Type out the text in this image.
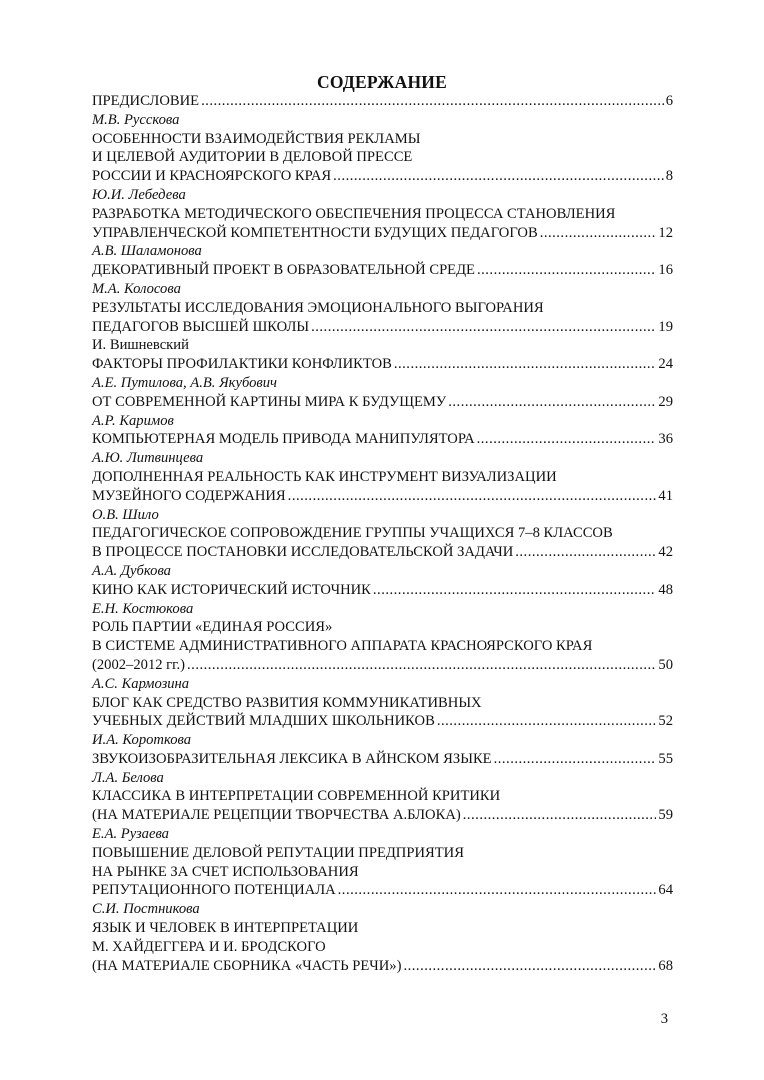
СОДЕРЖАНИЕ
ПРЕДИСЛОВИЕ .....	6
М.В. Русскова
ОСОБЕННОСТИ ВЗАИМОДЕЙСТВИЯ РЕКЛАМЫ
И ЦЕЛЕВОЙ АУДИТОРИИ В ДЕЛОВОЙ ПРЕССЕ
РОССИИ И КРАСНОЯРСКОГО КРАЯ .....	8
Ю.И. Лебедева
РАЗРАБОТКА МЕТОДИЧЕСКОГО ОБЕСПЕЧЕНИЯ ПРОЦЕССА СТАНОВЛЕНИЯ
УПРАВЛЕНЧЕСКОЙ КОМПЕТЕНТНОСТИ БУДУЩИХ ПЕДАГОГОВ .....	12
А.В. Шаламонова
ДЕКОРАТИВНЫЙ ПРОЕКТ В ОБРАЗОВАТЕЛЬНОЙ СРЕДЕ .....	16
М.А. Колосова
РЕЗУЛЬТАТЫ ИССЛЕДОВАНИЯ ЭМОЦИОНАЛЬНОГО ВЫГОРАНИЯ
ПЕДАГОГОВ ВЫСШЕЙ ШКОЛЫ .....	19
И. Вишневский
ФАКТОРЫ ПРОФИЛАКТИКИ КОНФЛИКТОВ .....	24
А.Е. Путилова, А.В. Якубович
ОТ СОВРЕМЕННОЙ КАРТИНЫ МИРА К БУДУЩЕМУ .....	29
А.Р. Каримов
КОМПЬЮТЕРНАЯ МОДЕЛЬ ПРИВОДА МАНИПУЛЯТОРА .....	36
А.Ю. Литвинцева
ДОПОЛНЕННАЯ РЕАЛЬНОСТЬ КАК ИНСТРУМЕНТ ВИЗУАЛИЗАЦИИ
МУЗЕЙНОГО СОДЕРЖАНИЯ .....	41
О.В. Шило
ПЕДАГОГИЧЕСКОЕ СОПРОВОЖДЕНИЕ ГРУППЫ УЧАЩИХСЯ 7–8 КЛАССОВ
В ПРОЦЕССЕ ПОСТАНОВКИ ИССЛЕДОВАТЕЛЬСКОЙ ЗАДАЧИ .....	42
А.А. Дубкова
КИНО КАК ИСТОРИЧЕСКИЙ ИСТОЧНИК .....	48
Е.Н. Костюкова
РОЛЬ ПАРТИИ «ЕДИНАЯ РОССИЯ»
В СИСТЕМЕ АДМИНИСТРАТИВНОГО АППАРАТА КРАСНОЯРСКОГО КРАЯ
(2002–2012 гг.) .....	50
А.С. Кармозина
БЛОГ КАК СРЕДСТВО РАЗВИТИЯ КОММУНИКАТИВНЫХ
УЧЕБНЫХ ДЕЙСТВИЙ МЛАДШИХ ШКОЛЬНИКОВ .....	52
И.А. Короткова
ЗВУКОИЗОБРАЗИТЕЛЬНАЯ ЛЕКСИКА В АЙНСКОМ ЯЗЫКЕ .....	55
Л.А. Белова
КЛАССИКА В ИНТЕРПРЕТАЦИИ СОВРЕМЕННОЙ КРИТИКИ
(НА МАТЕРИАЛЕ РЕЦЕПЦИИ ТВОРЧЕСТВА А.БЛОКА) .....	59
Е.А. Рузаева
ПОВЫШЕНИЕ ДЕЛОВОЙ РЕПУТАЦИИ ПРЕДПРИЯТИЯ
НА РЫНКЕ ЗА СЧЕТ ИСПОЛЬЗОВАНИЯ
РЕПУТАЦИОННОГО ПОТЕНЦИАЛА .....	64
С.И. Постникова
ЯЗЫК И ЧЕЛОВЕК В ИНТЕРПРЕТАЦИИ
М. ХАЙДЕГГЕРА И И. БРОДСКОГО
(НА МАТЕРИАЛЕ СБОРНИКА «ЧАСТЬ РЕЧИ») .....	68
3
